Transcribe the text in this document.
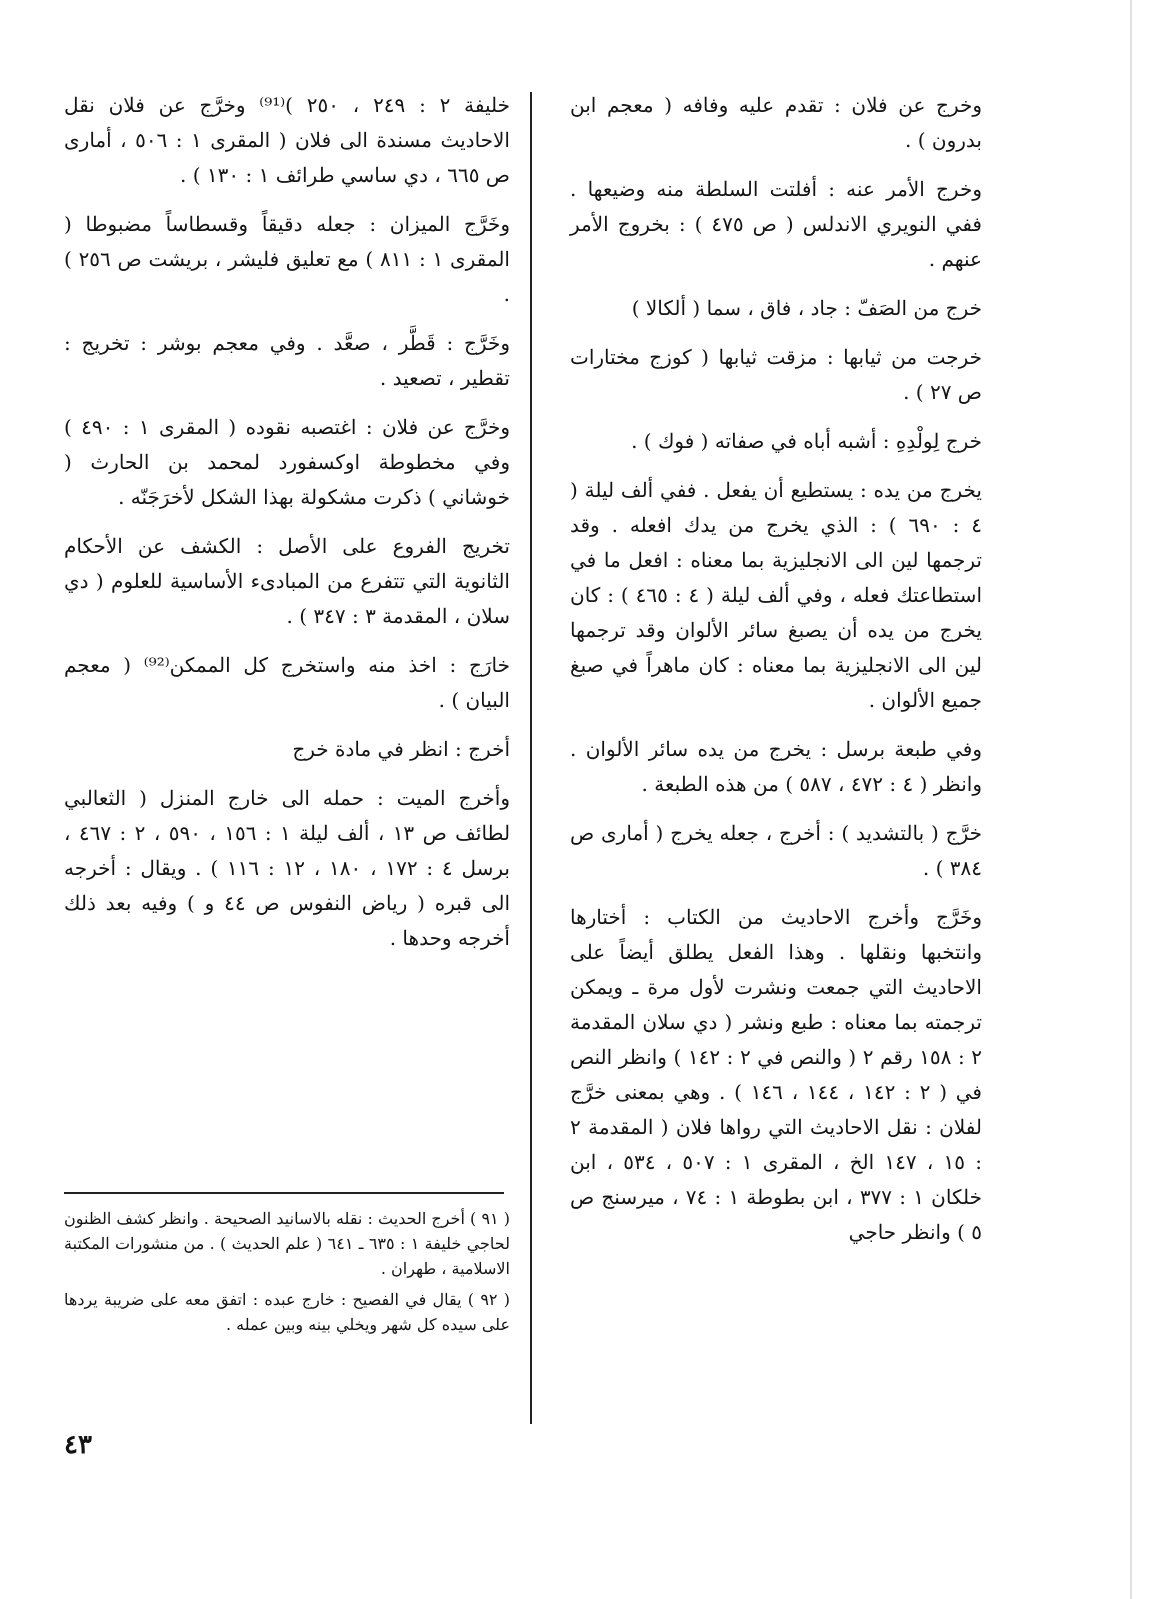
وخرج عن فلان : تقدم عليه وفافه ( معجم ابن بدرون ) .

وخرج الأمر عنه : أفلتت السلطة منه وضيعها . ففي النويري الاندلس ( ص ٤٧٥ ) : بخروج الأمر عنهم .

خرج من الصَفّ : جاد ، فاق ، سما ( ألكالا )

خرجت من ثيابها : مزقت ثيابها ( كوزج مختارات ص ٢٧ ) .

خرج لِولْدِهِ : أشبه أباه في صفاته ( فوك ) .

يخرج من يده : يستطيع أن يفعل . ففي ألف ليلة ( ٤ : ٦٩٠ ) : الذي يخرج من يدك افعله . وقد ترجمها لين الى الانجليزية بما معناه : افعل ما في استطاعتك فعله ، وفي ألف ليلة ( ٤ : ٤٦٥ ) : كان يخرج من يده أن يصبغ سائر الألوان وقد ترجمها لين الى الانجليزية بما معناه : كان ماهراً في صبغ جميع الألوان .

وفي طبعة برسل : يخرج من يده سائر الألوان . وانظر ( ٤ : ٤٧٢ ، ٥٨٧ ) من هذه الطبعة .

خرَّج ( بالتشديد ) : أخرج ، جعله يخرج ( أمارى ص ٣٨٤ ) .

وخَرَّج وأخرج الاحاديث من الكتاب : أختارها وانتخبها ونقلها . وهذا الفعل يطلق أيضاً على الاحاديث التي جمعت ونشرت لأول مرة ـ ويمكن ترجمته بما معناه : طبع ونشر ( دي سلان المقدمة ٢ : ١٥٨ رقم ٢ ( والنص في ٢ : ١٤٢ ) وانظر النص في ( ٢ : ١٤٢ ، ١٤٤ ، ١٤٦ ) . وهي بمعنى خرَّج لفلان : نقل الاحاديث التي رواها فلان ( المقدمة ٢ : ١٥ ، ١٤٧ الخ ، المقرى ١ : ٥٠٧ ، ٥٣٤ ، ابن خلكان ١ : ٣٧٧ ، ابن بطوطة ١ : ٧٤ ، ميرسنج ص ٥ ) وانظر حاجي

خليفة ٢ : ٢٤٩ ، ٢٥٠ )⁽⁹¹⁾ وخرَّج عن فلان نقل الاحاديث مسندة الى فلان ( المقرى ١ : ٥٠٦ ، أمارى ص ٦٦٥ ، دي ساسي طرائف ١ : ١٣٠ ) .

وخَرَّج الميزان : جعله دقيقاً وقسطاساً مضبوطا ( المقرى ١ : ٨١١ ) مع تعليق فليشر ، بريشت ص ٢٥٦ ) .

وخَرَّج : قَطَّر ، صعَّد . وفي معجم بوشر : تخريج : تقطير ، تصعيد .

وخرَّج عن فلان : اغتصبه نقوده ( المقرى ١ : ٤٩٠ ) وفي مخطوطة اوكسفورد لمحمد بن الحارث ( خوشاني ) ذكرت مشكولة بهذا الشكل لأخرَجَنّه .

تخريج الفروع على الأصل : الكشف عن الأحكام الثانوية التي تتفرع من المبادىء الأساسية للعلوم ( دي سلان ، المقدمة ٣ : ٣٤٧ ) .

خارَج : اخذ منه واستخرج كل الممكن⁽⁹²⁾ ( معجم البيان ) .

أخرج : انظر في مادة خرج

وأخرج الميت : حمله الى خارج المنزل ( الثعالبي لطائف ص ١٣ ، ألف ليلة ١ : ١٥٦ ، ٥٩٠ ، ٢ : ٤٦٧ ، برسل ٤ : ١٧٢ ، ١٨٠ ، ١٢ : ١١٦ ) . ويقال : أخرجه الى قبره ( رياض النفوس ص ٤٤ و ) وفيه بعد ذلك أخرجه وحدها .

( ٩١ ) أخرج الحديث : نقله بالاسانيد الصحيحة . وانظر كشف الظنون لحاجي خليفة ١ : ٦٣٥ ـ ٦٤١ ( علم الحديث ) . من منشورات المكتبة الاسلامية ، طهران .

( ٩٢ ) يقال في الفصيح : خارج عبده : اتفق معه على ضريبة يردها على سيده كل شهر ويخلي بينه وبين عمله .

٤٣
